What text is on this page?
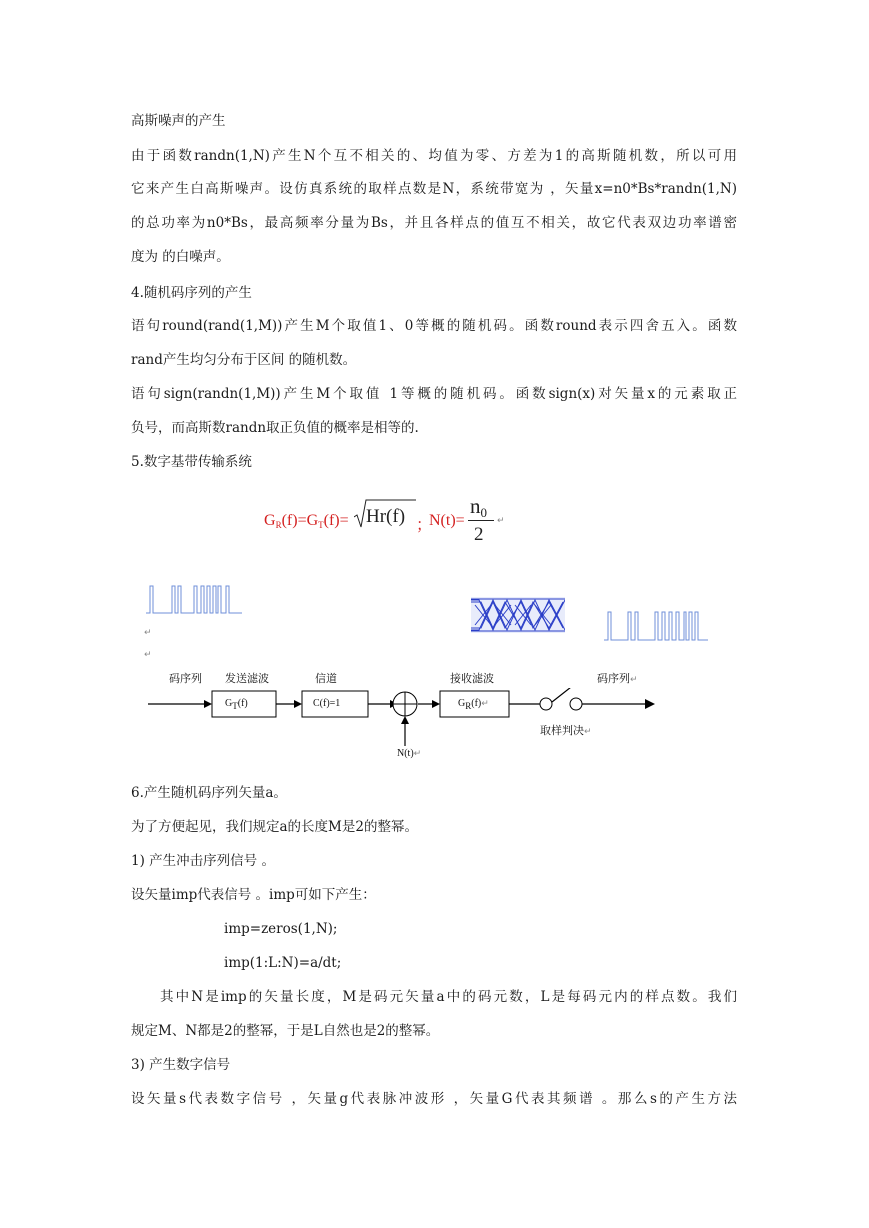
高斯噪声的产生
由于函数randn(1,N)产生N个互不相关的、均值为零、方差为1的高斯随机数，所以可用
它来产生白高斯噪声。设仿真系统的取样点数是N，系统带宽为 ，矢量x=n0*Bs*randn(1,N)
的总功率为n0*Bs，最高频率分量为Bs，并且各样点的值互不相关，故它代表双边功率谱密
度为 的白噪声。
4.随机码序列的产生
语句round(rand(1,M))产生M个取值1、0等概的随机码。函数round表示四舍五入。函数
rand产生均匀分布于区间 的随机数。
语句sign(randn(1,M))产生M个取值 1等概的随机码。函数sign(x)对矢量x的元素取正
负号，而高斯数randn取正负值的概率是相等的.
5.数字基带传输系统
GR(f)=GT(f)= Hr(f) ；
N(t)=
n0
2
↵
↵
↵
码序列 发送滤波	信道	接收滤波	码序列↵
GT(f)	C(f)=1	GR(f)↵
取样判决↵
N(t)↵
6.产生随机码序列矢量a。
为了方便起见，我们规定a的长度M是2的整幂。
1) 产生冲击序列信号 。
设矢量imp代表信号 。imp可如下产生：
imp=zeros(1,N);
imp(1:L:N)=a/dt;
其中N是imp的矢量长度，M是码元矢量a中的码元数，L是每码元内的样点数。我们
规定M、N都是2的整幂，于是L自然也是2的整幂。
3) 产生数字信号
设矢量s代表数字信号 ，矢量g代表脉冲波形 ，矢量G代表其频谱 。那么s的产生方法
